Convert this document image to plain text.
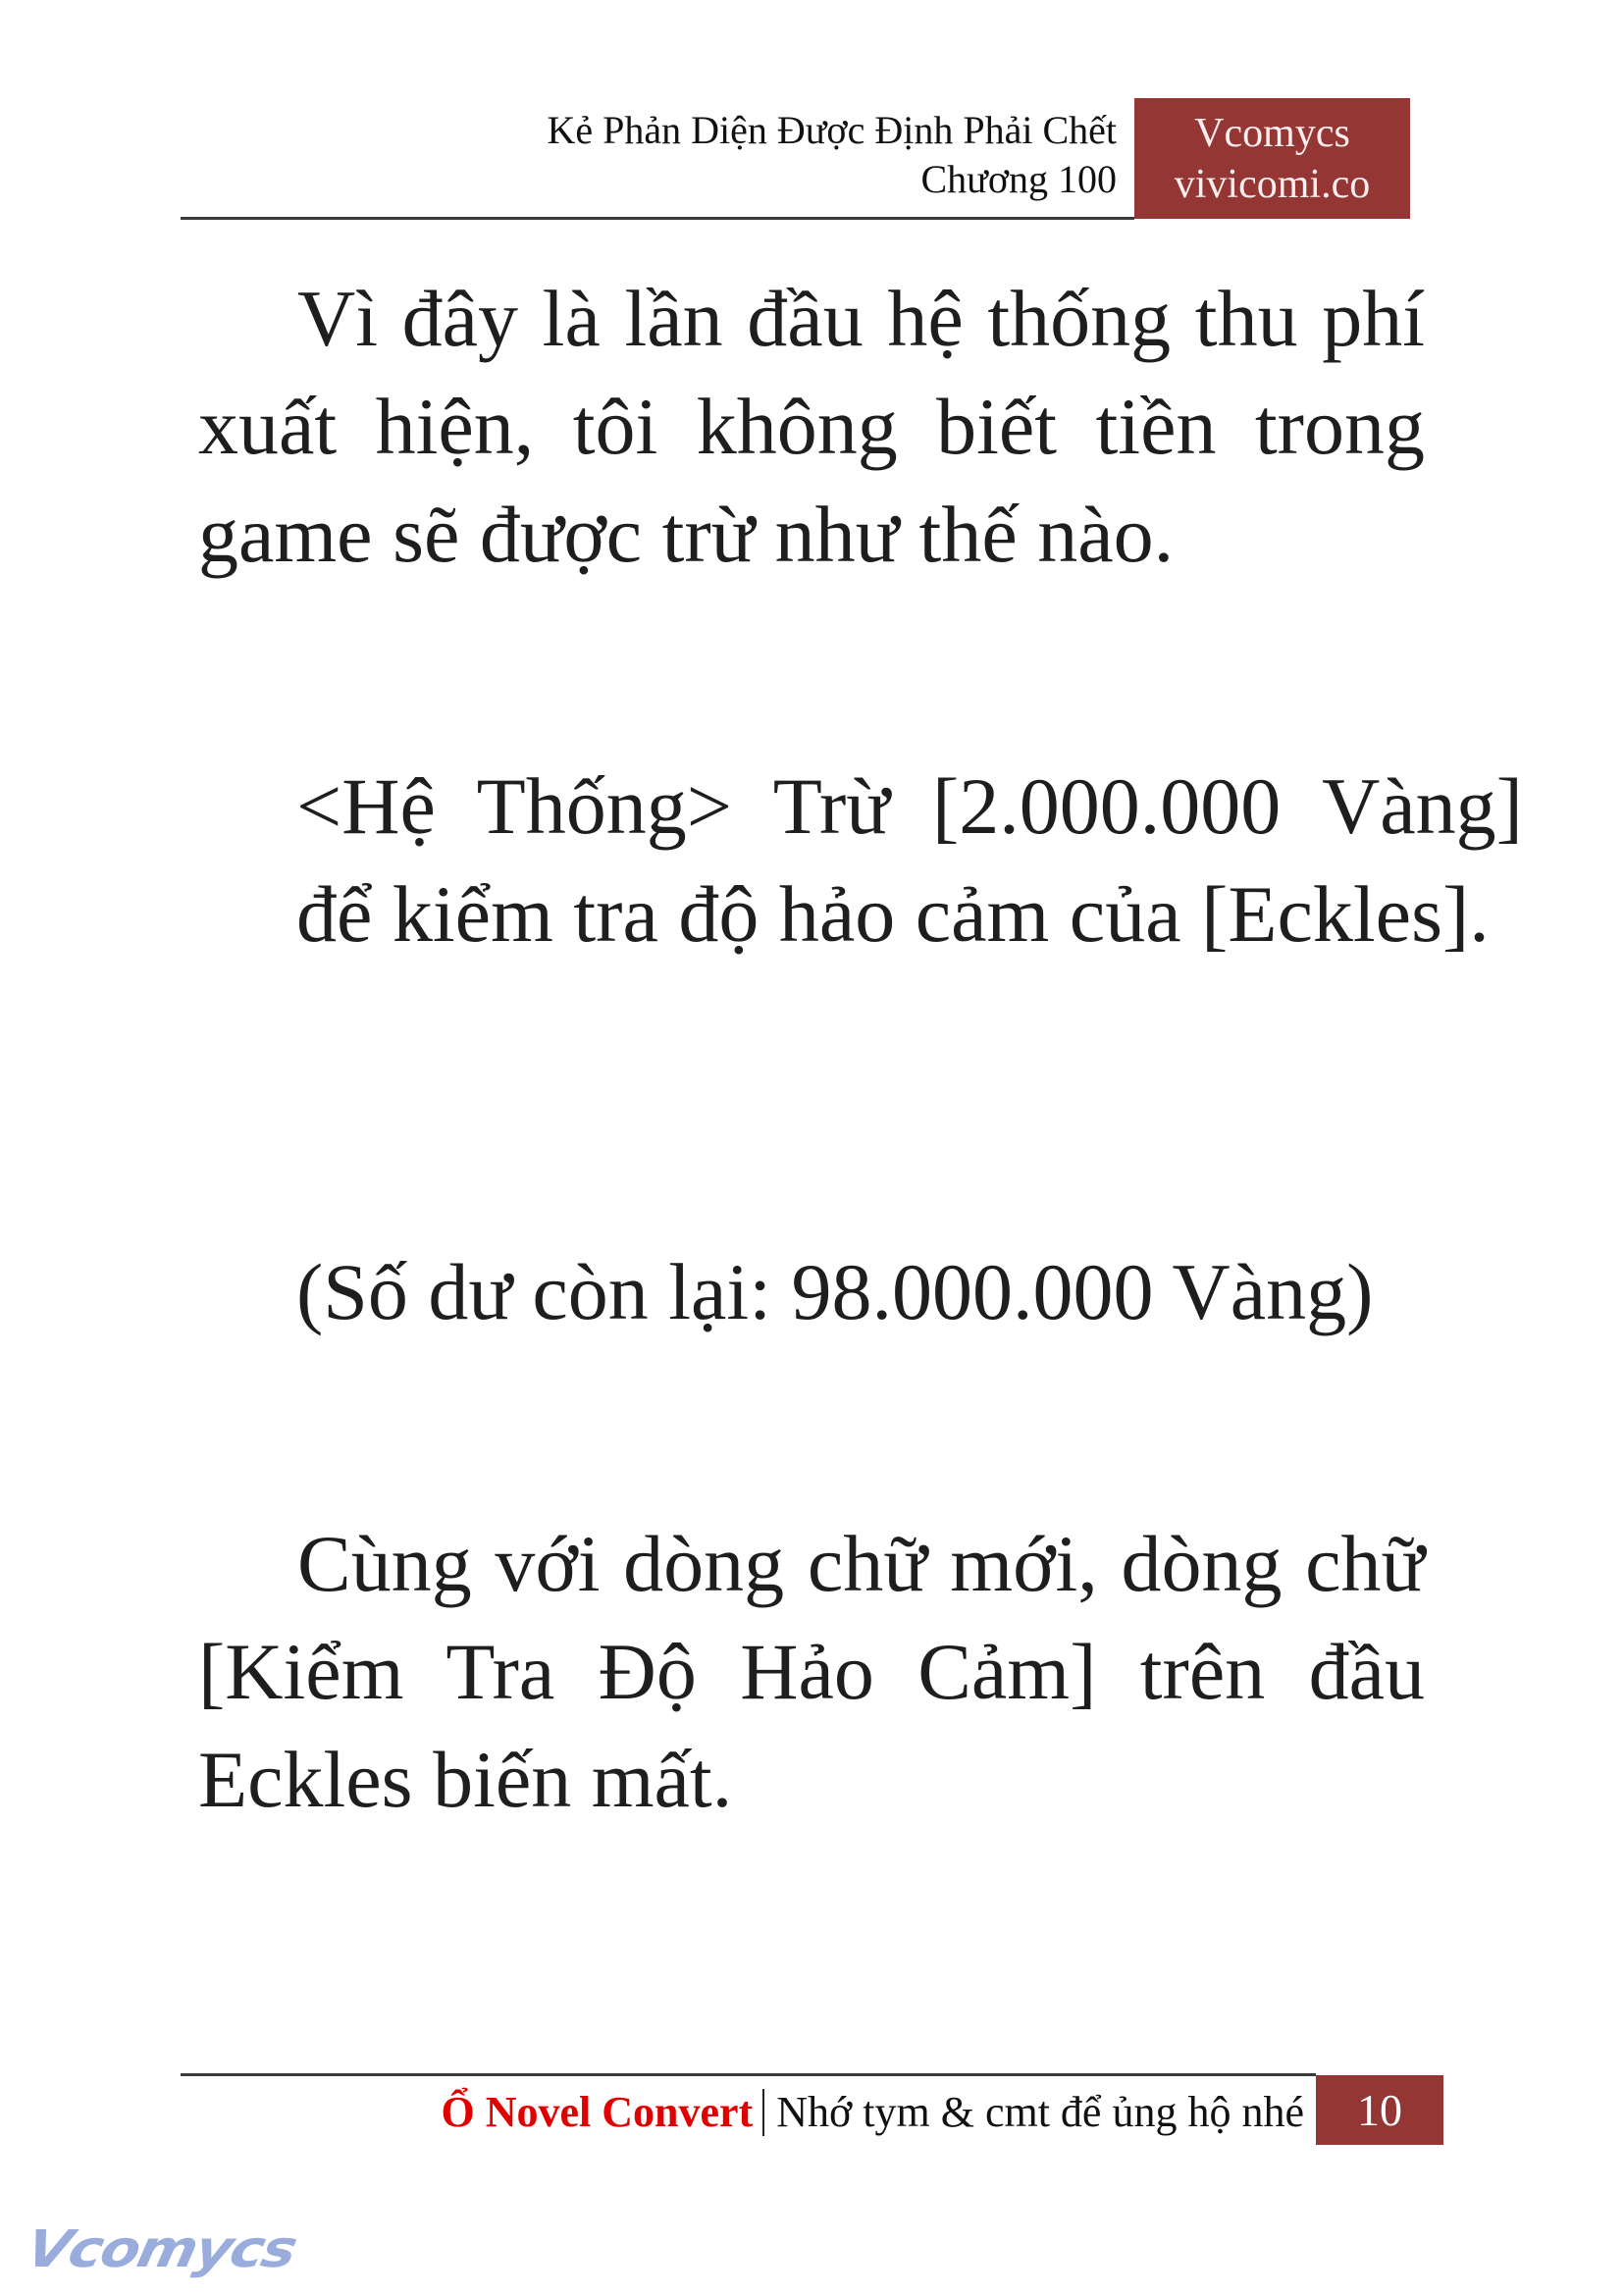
Kẻ Phản Diện Được Định Phải Chết
Chương 100
Vcomycs
vivicomi.co
Vì đây là lần đầu hệ thống thu phí xuất hiện, tôi không biết tiền trong game sẽ được trừ như thế nào.
<Hệ Thống> Trừ [2.000.000 Vàng] để kiểm tra độ hảo cảm của [Eckles].
(Số dư còn lại: 98.000.000 Vàng)
Cùng với dòng chữ mới, dòng chữ [Kiểm Tra Độ Hảo Cảm] trên đầu Eckles biến mất.
Ổ Novel Convert Nhớ tym & cmt để ủng hộ nhé	10
Vcomycs
